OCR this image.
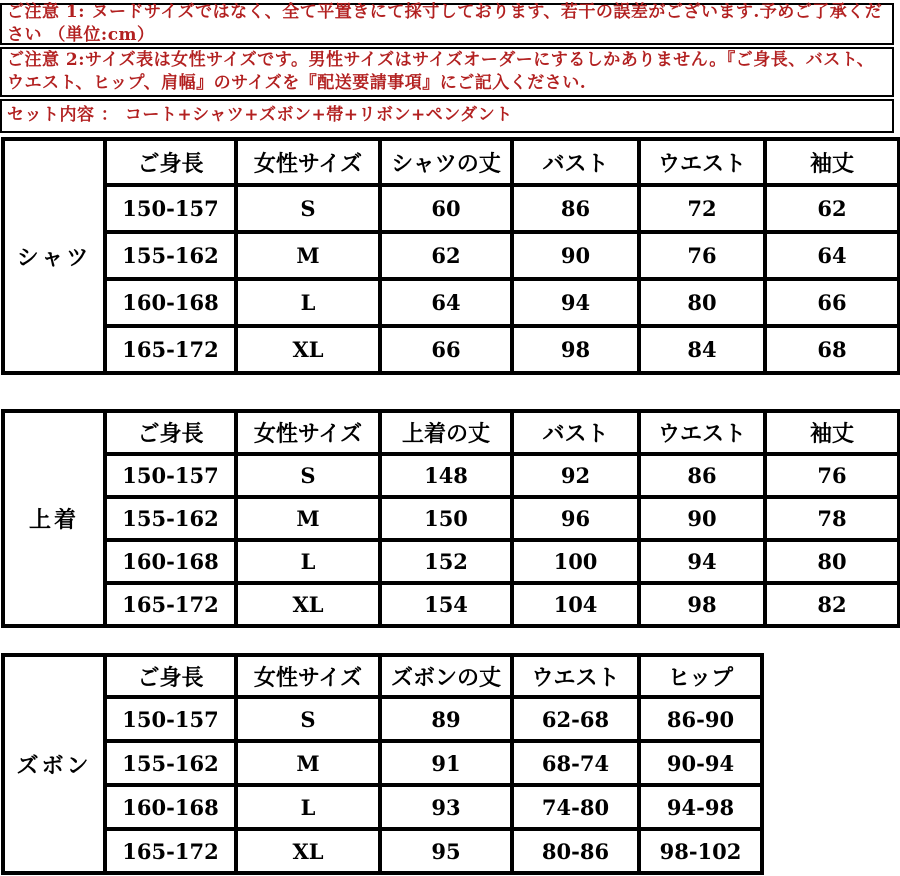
ご注意 1: ヌードサイズではなく、全て平置きにて採寸しております、若干の誤差がございます.予めご了承ください （単位:cm）
ご注意 2:サイズ表は女性サイズです。男性サイズはサイズオーダーにするしかありません。『ご身長、バスト、ウエスト、ヒップ、肩幅』のサイズを『配送要請事項』にご記入ください.
セット内容 ： コート+シャツ+ズボン+帯+リボン+ペンダント
シャツ	ご身長	女性サイズ	シャツの丈	バスト	ウエスト	袖丈
	150-157	S	60	86	72	62
	155-162	M	62	90	76	64
	160-168	L	64	94	80	66
	165-172	XL	66	98	84	68
上着	ご身長	女性サイズ	上着の丈	バスト	ウエスト	袖丈
	150-157	S	148	92	86	76
	155-162	M	150	96	90	78
	160-168	L	152	100	94	80
	165-172	XL	154	104	98	82
ズボン	ご身長	女性サイズ	ズボンの丈	ウエスト	ヒップ
	150-157	S	89	62-68	86-90
	155-162	M	91	68-74	90-94
	160-168	L	93	74-80	94-98
	165-172	XL	95	80-86	98-102
